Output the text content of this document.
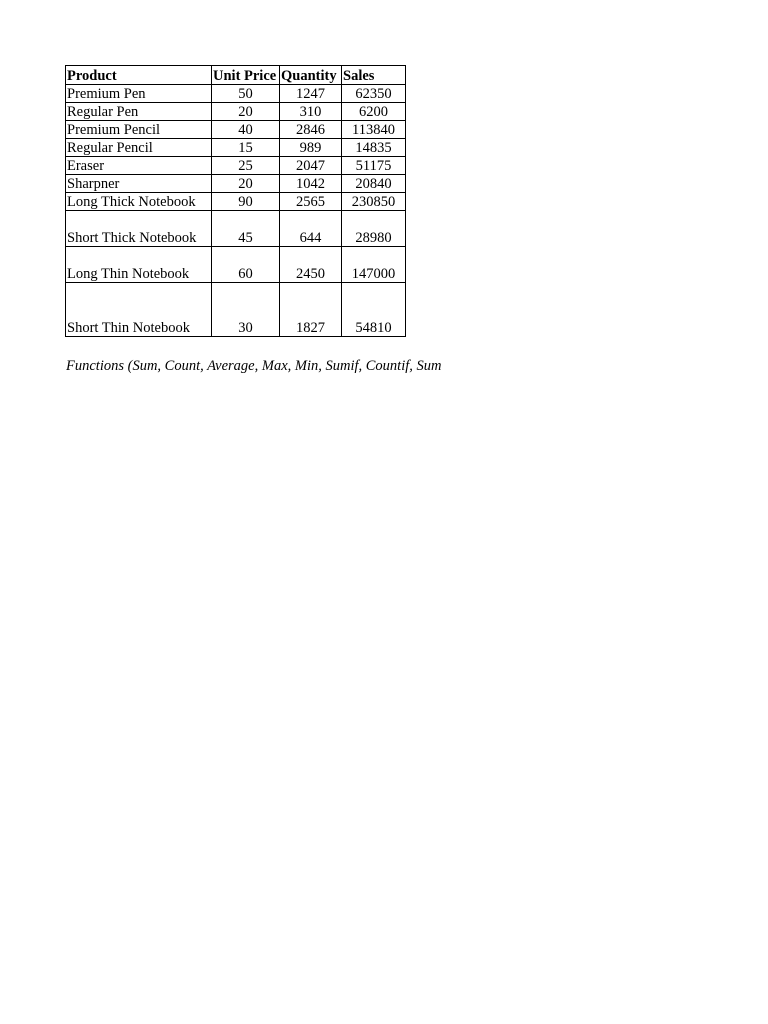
Product	Unit Price	Quantity	Sales
Premium Pen	50	1247	62350
Regular Pen	20	310	6200
Premium Pencil	40	2846	113840
Regular Pencil	15	989	14835
Eraser	25	2047	51175
Sharpner	20	1042	20840
Long Thick Notebook	90	2565	230850
Short Thick Notebook	45	644	28980
Long Thin Notebook	60	2450	147000
Short Thin Notebook	30	1827	54810
Functions (Sum, Count, Average, Max, Min, Sumif, Countif, Sum
